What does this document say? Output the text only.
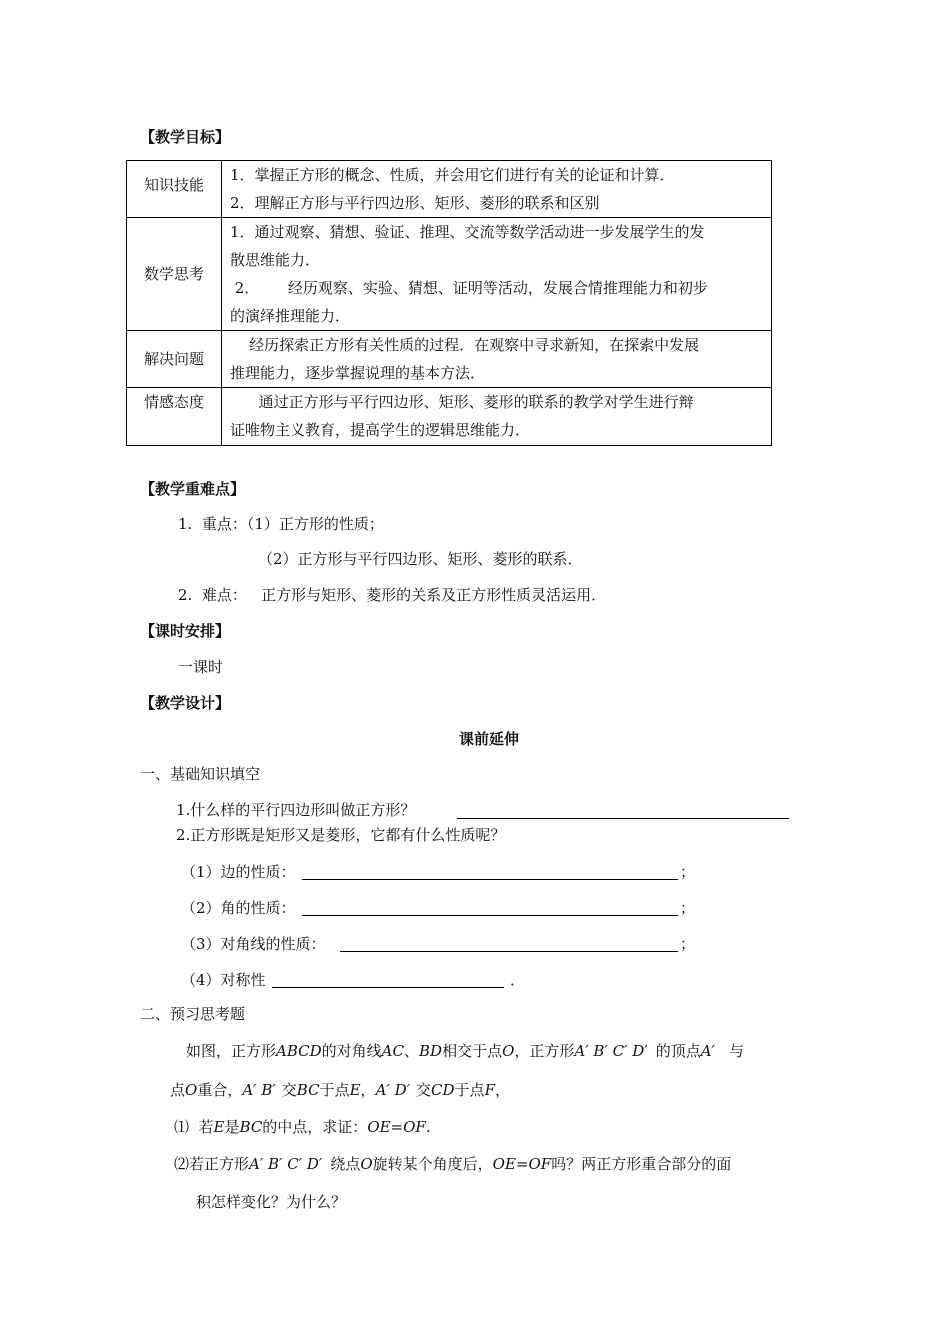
【教学目标】
知识技能	1．掌握正方形的概念、性质，并会用它们进行有关的论证和计算．
2．理解正方形与平行四边形、矩形、菱形的联系和区别

数学思考	1．通过观察、猜想、验证、推理、交流等数学活动进一步发展学生的发
散思维能力．
2．      经历观察、实验、猜想、证明等活动，发展合情推理能力和初步
的演绎推理能力．

解决问题	经历探索正方形有关性质的过程．在观察中寻求新知，在探索中发展
推理能力，逐步掌握说理的基本方法．

情感态度	通过正方形与平行四边形、矩形、菱形的联系的教学对学生进行辩
证唯物主义教育，提高学生的逻辑思维能力．
【教学重难点】
1.  重点：（1）正方形的性质；
（2）正方形与平行四边形、矩形、菱形的联系．
2.  难点：   正方形与矩形、菱形的关系及正方形性质灵活运用．
【课时安排】
一课时
【教学设计】
课前延伸
一、基础知识填空
1.什么样的平行四边形叫做正方形？
2.正方形既是矩形又是菱形，它都有什么性质呢？
（1）边的性质：	；
（2）角的性质：	；
（3）对角线的性质：	；
（4）对称性	．
二、预习思考题
如图，正方形ABCD的对角线AC、BD相交于点O，正方形A′ B′ C′ D′ 的顶点A′ 与
点O重合，A′ B′ 交BC于点E，A′ D′ 交CD于点F，
⑴  若E是BC的中点，求证：OE=OF.
⑵若正方形A′ B′ C′ D′ 绕点O旋转某个角度后，OE=OF吗？两正方形重合部分的面
积怎样变化？为什么？
